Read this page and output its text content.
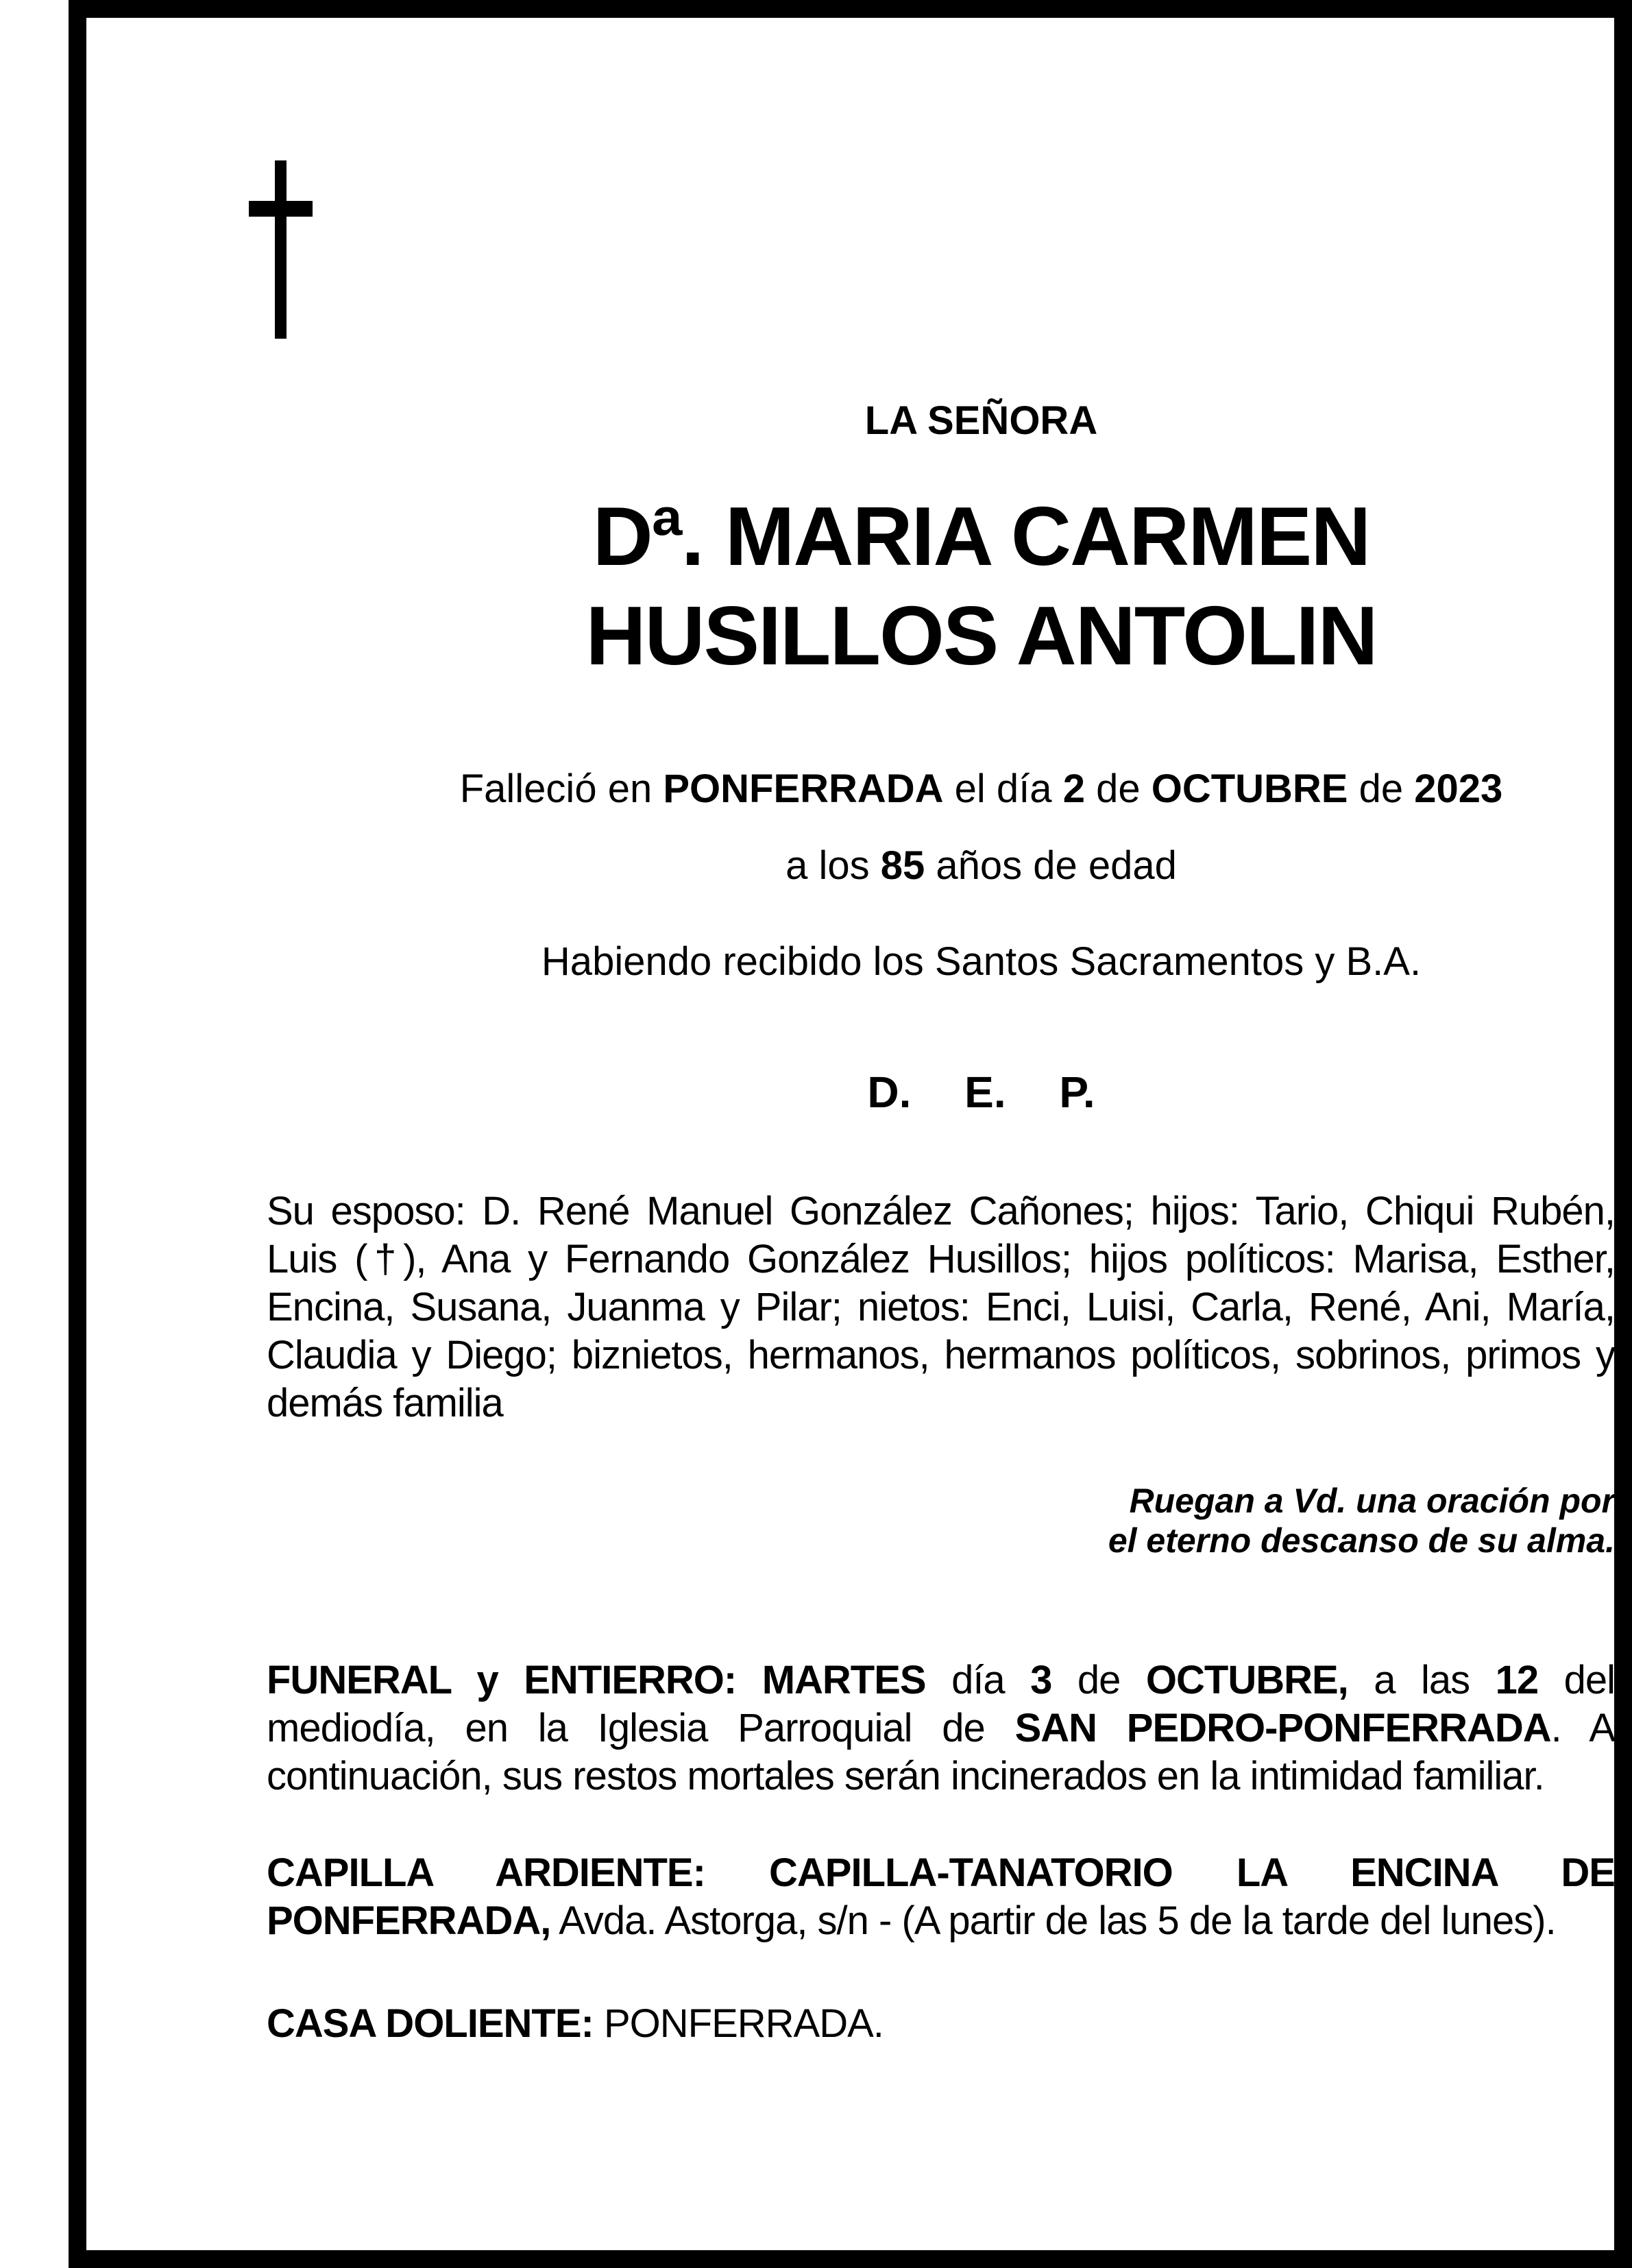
LA SEÑORA
Dª. MARIA CARMEN
HUSILLOS ANTOLIN
Falleció en PONFERRADA el día 2 de OCTUBRE de 2023
a los 85 años de edad
Habiendo recibido los Santos Sacramentos y B.A.
D. E. P.
Su esposo: D. René Manuel González Cañones; hijos: Tario, Chiqui Rubén, Luis (†), Ana y Fernando González Husillos; hijos políticos: Marisa, Esther, Encina, Susana, Juanma y Pilar; nietos: Enci, Luisi, Carla, René, Ani, María, Claudia y Diego; biznietos, hermanos, hermanos políticos, sobrinos, primos y demás familia
Ruegan a Vd. una oración por
el eterno descanso de su alma.
FUNERAL y ENTIERRO: MARTES día 3 de OCTUBRE, a las 12 del mediodía, en la Iglesia Parroquial de SAN PEDRO-PONFERRADA. A continuación, sus restos mortales serán incinerados en la intimidad familiar.
CAPILLA ARDIENTE: CAPILLA-TANATORIO LA ENCINA DE PONFERRADA, Avda. Astorga, s/n - (A partir de las 5 de la tarde del lunes).
CASA DOLIENTE: PONFERRADA.
